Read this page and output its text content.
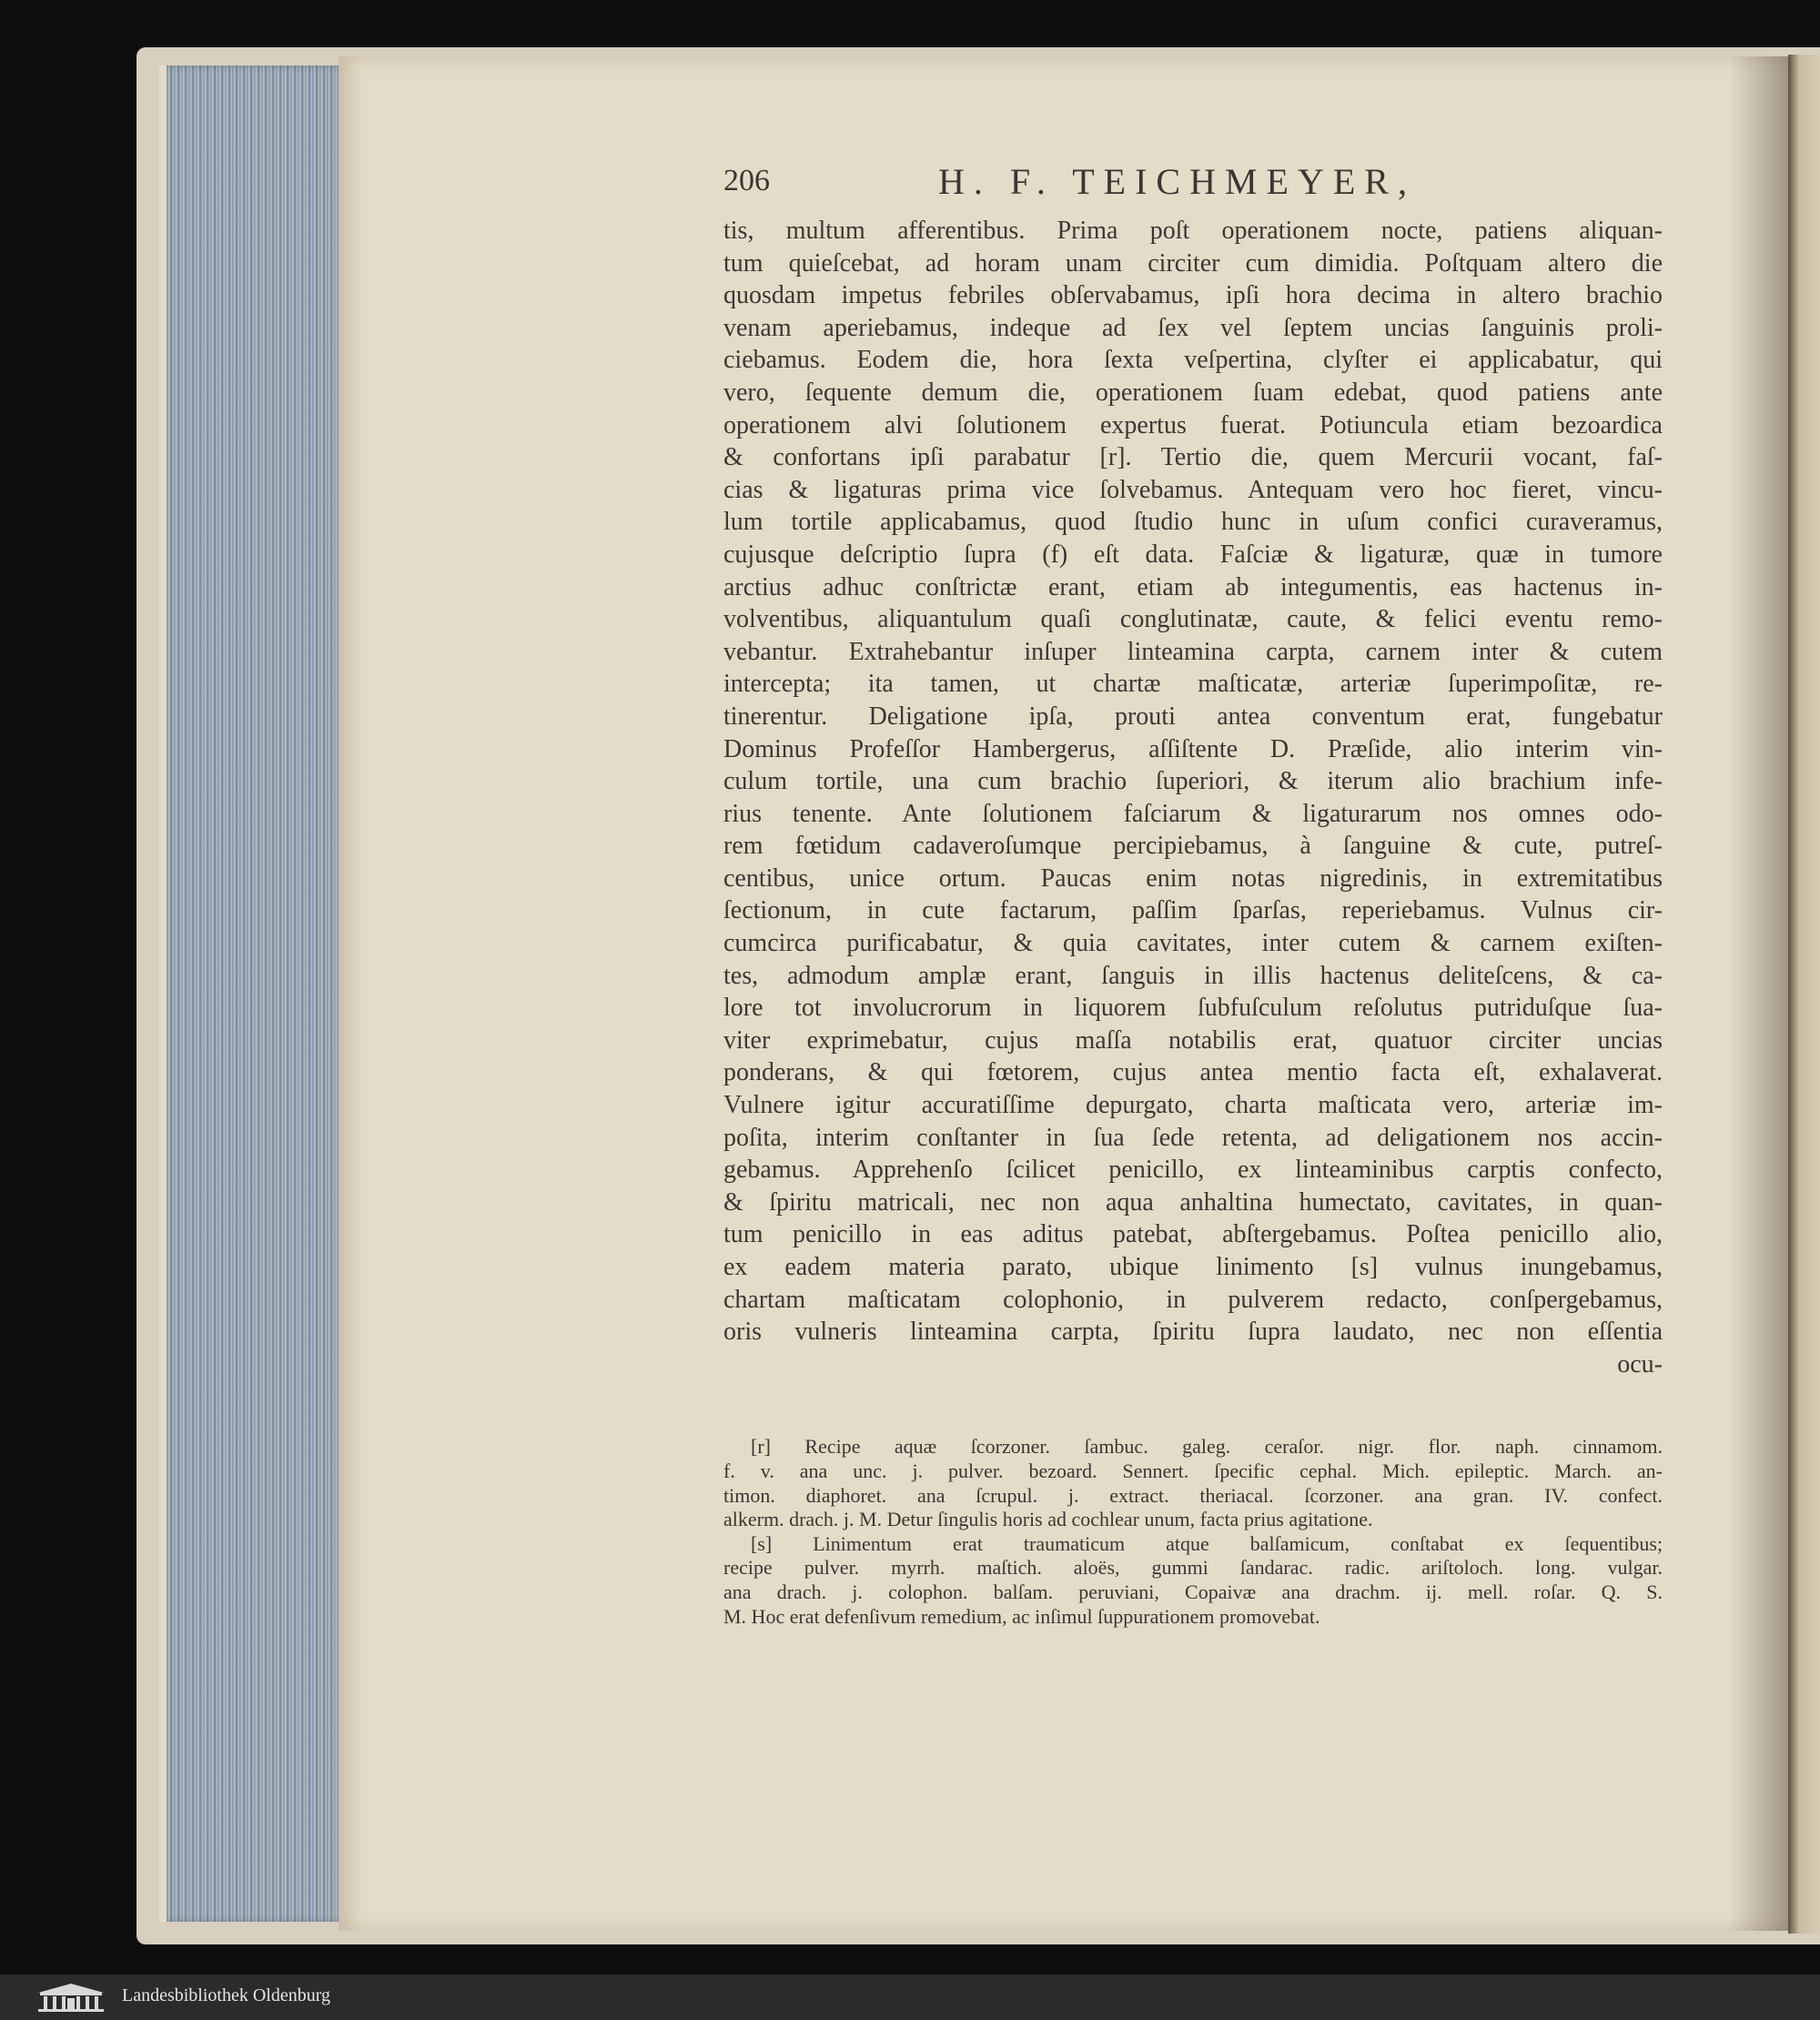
206	H. F. TEICHMEYER,
tis, multum afferentibus. Prima poſt operationem nocte, patiens aliquan-
tum quieſcebat, ad horam unam circiter cum dimidia. Poſtquam altero die
quosdam impetus febriles obſervabamus, ipſi hora decima in altero brachio
venam aperiebamus, indeque ad ſex vel ſeptem uncias ſanguinis proli-
ciebamus. Eodem die, hora ſexta veſpertina, clyſter ei applicabatur, qui
vero, ſequente demum die, operationem ſuam edebat, quod patiens ante
operationem alvi ſolutionem expertus fuerat. Potiuncula etiam bezoardica
& confortans ipſi parabatur [r]. Tertio die, quem Mercurii vocant, faſ-
cias & ligaturas prima vice ſolvebamus. Antequam vero hoc fieret, vincu-
lum tortile applicabamus, quod ſtudio hunc in uſum confici curaveramus,
cujusque deſcriptio ſupra (f) eſt data. Faſciæ & ligaturæ, quæ in tumore
arctius adhuc conſtrictæ erant, etiam ab integumentis, eas hactenus in-
volventibus, aliquantulum quaſi conglutinatæ, caute, & felici eventu remo-
vebantur. Extrahebantur inſuper linteamina carpta, carnem inter & cutem
intercepta; ita tamen, ut chartæ maſticatæ, arteriæ ſuperimpoſitæ, re-
tinerentur. Deligatione ipſa, prouti antea conventum erat, fungebatur
Dominus Profeſſor Hambergerus, aſſiſtente D. Præſide, alio interim vin-
culum tortile, una cum brachio ſuperiori, & iterum alio brachium infe-
rius tenente. Ante ſolutionem faſciarum & ligaturarum nos omnes odo-
rem fœtidum cadaveroſumque percipiebamus, à ſanguine & cute, putreſ-
centibus, unice ortum. Paucas enim notas nigredinis, in extremitatibus
ſectionum, in cute factarum, paſſim ſparſas, reperiebamus. Vulnus cir-
cumcirca purificabatur, & quia cavitates, inter cutem & carnem exiſten-
tes, admodum amplæ erant, ſanguis in illis hactenus deliteſcens, & ca-
lore tot involucrorum in liquorem ſubfuſculum reſolutus putriduſque ſua-
viter exprimebatur, cujus maſſa notabilis erat, quatuor circiter uncias
ponderans, & qui fœtorem, cujus antea mentio facta eſt, exhalaverat.
Vulnere igitur accuratiſſime depurgato, charta maſticata vero, arteriæ im-
poſita, interim conſtanter in ſua ſede retenta, ad deligationem nos accin-
gebamus. Apprehenſo ſcilicet penicillo, ex linteaminibus carptis confecto,
& ſpiritu matricali, nec non aqua anhaltina humectato, cavitates, in quan-
tum penicillo in eas aditus patebat, abſtergebamus. Poſtea penicillo alio,
ex eadem materia parato, ubique linimento [s] vulnus inungebamus,
chartam maſticatam colophonio, in pulverem redacto, conſpergebamus,
oris vulneris linteamina carpta, ſpiritu ſupra laudato, nec non eſſentia
ocu-
[r] Recipe aquæ ſcorzoner. ſambuc. galeg. ceraſor. nigr. flor. naph. cinnamom.
f. v. ana unc. j. pulver. bezoard. Sennert. ſpecific cephal. Mich. epileptic. March. an-
timon. diaphoret. ana ſcrupul. j. extract. theriacal. ſcorzoner. ana gran. IV. confect.
alkerm. drach. j. M. Detur ſingulis horis ad cochlear unum, facta prius agitatione.
[s] Linimentum erat traumaticum atque balſamicum, conſtabat ex ſequentibus;
recipe pulver. myrrh. maſtich. aloës, gummi ſandarac. radic. ariſtoloch. long. vulgar.
ana drach. j. colophon. balſam. peruviani, Copaivæ ana drachm. ij. mell. roſar. Q. S.
M. Hoc erat defenſivum remedium, ac inſimul ſuppurationem promovebat.
Landesbibliothek Oldenburg
